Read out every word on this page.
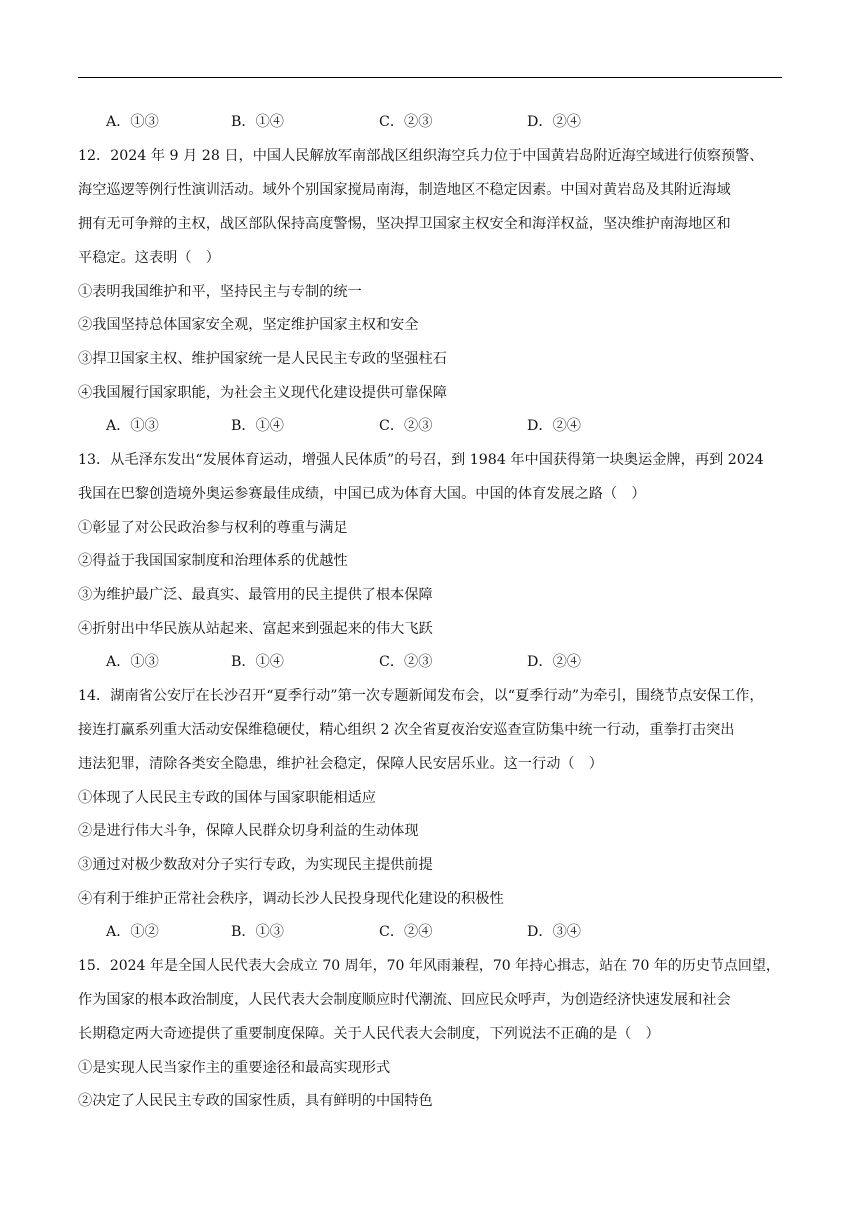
A．①③	B．①④	C．②③	D．②④
12．2024 年 9 月 28 日，中国人民解放军南部战区组织海空兵力位于中国黄岩岛附近海空域进行侦察预警、
海空巡逻等例行性演训活动。域外个别国家搅局南海，制造地区不稳定因素。中国对黄岩岛及其附近海域
拥有无可争辩的主权，战区部队保持高度警惕，坚决捍卫国家主权安全和海洋权益，坚决维护南海地区和
平稳定。这表明（　）
①表明我国维护和平，坚持民主与专制的统一
②我国坚持总体国家安全观，坚定维护国家主权和安全
③捍卫国家主权、维护国家统一是人民民主专政的坚强柱石
④我国履行国家职能，为社会主义现代化建设提供可靠保障
A．①③	B．①④	C．②③	D．②④
13．从毛泽东发出“发展体育运动，增强人民体质”的号召，到 1984 年中国获得第一块奥运金牌，再到 2024
我国在巴黎创造境外奥运参赛最佳成绩，中国已成为体育大国。中国的体育发展之路（　）
①彰显了对公民政治参与权利的尊重与满足
②得益于我国国家制度和治理体系的优越性
③为维护最广泛、最真实、最管用的民主提供了根本保障
④折射出中华民族从站起来、富起来到强起来的伟大飞跃
A．①③	B．①④	C．②③	D．②④
14．湖南省公安厅在长沙召开“夏季行动”第一次专题新闻发布会，以“夏季行动”为牵引，围绕节点安保工作，
接连打赢系列重大活动安保维稳硬仗，精心组织 2 次全省夏夜治安巡查宣防集中统一行动，重拳打击突出
违法犯罪，清除各类安全隐患，维护社会稳定，保障人民安居乐业。这一行动（　）
①体现了人民民主专政的国体与国家职能相适应
②是进行伟大斗争，保障人民群众切身利益的生动体现
③通过对极少数敌对分子实行专政，为实现民主提供前提
④有利于维护正常社会秩序，调动长沙人民投身现代化建设的积极性
A．①②	B．①③	C．②④	D．③④
15．2024 年是全国人民代表大会成立 70 周年，70 年风雨兼程，70 年持心揖志，站在 70 年的历史节点回望，
作为国家的根本政治制度，人民代表大会制度顺应时代潮流、回应民众呼声，为创造经济快速发展和社会
长期稳定两大奇迹提供了重要制度保障。关于人民代表大会制度，下列说法不正确的是（　）
①是实现人民当家作主的重要途径和最高实现形式
②决定了人民民主专政的国家性质，具有鲜明的中国特色
